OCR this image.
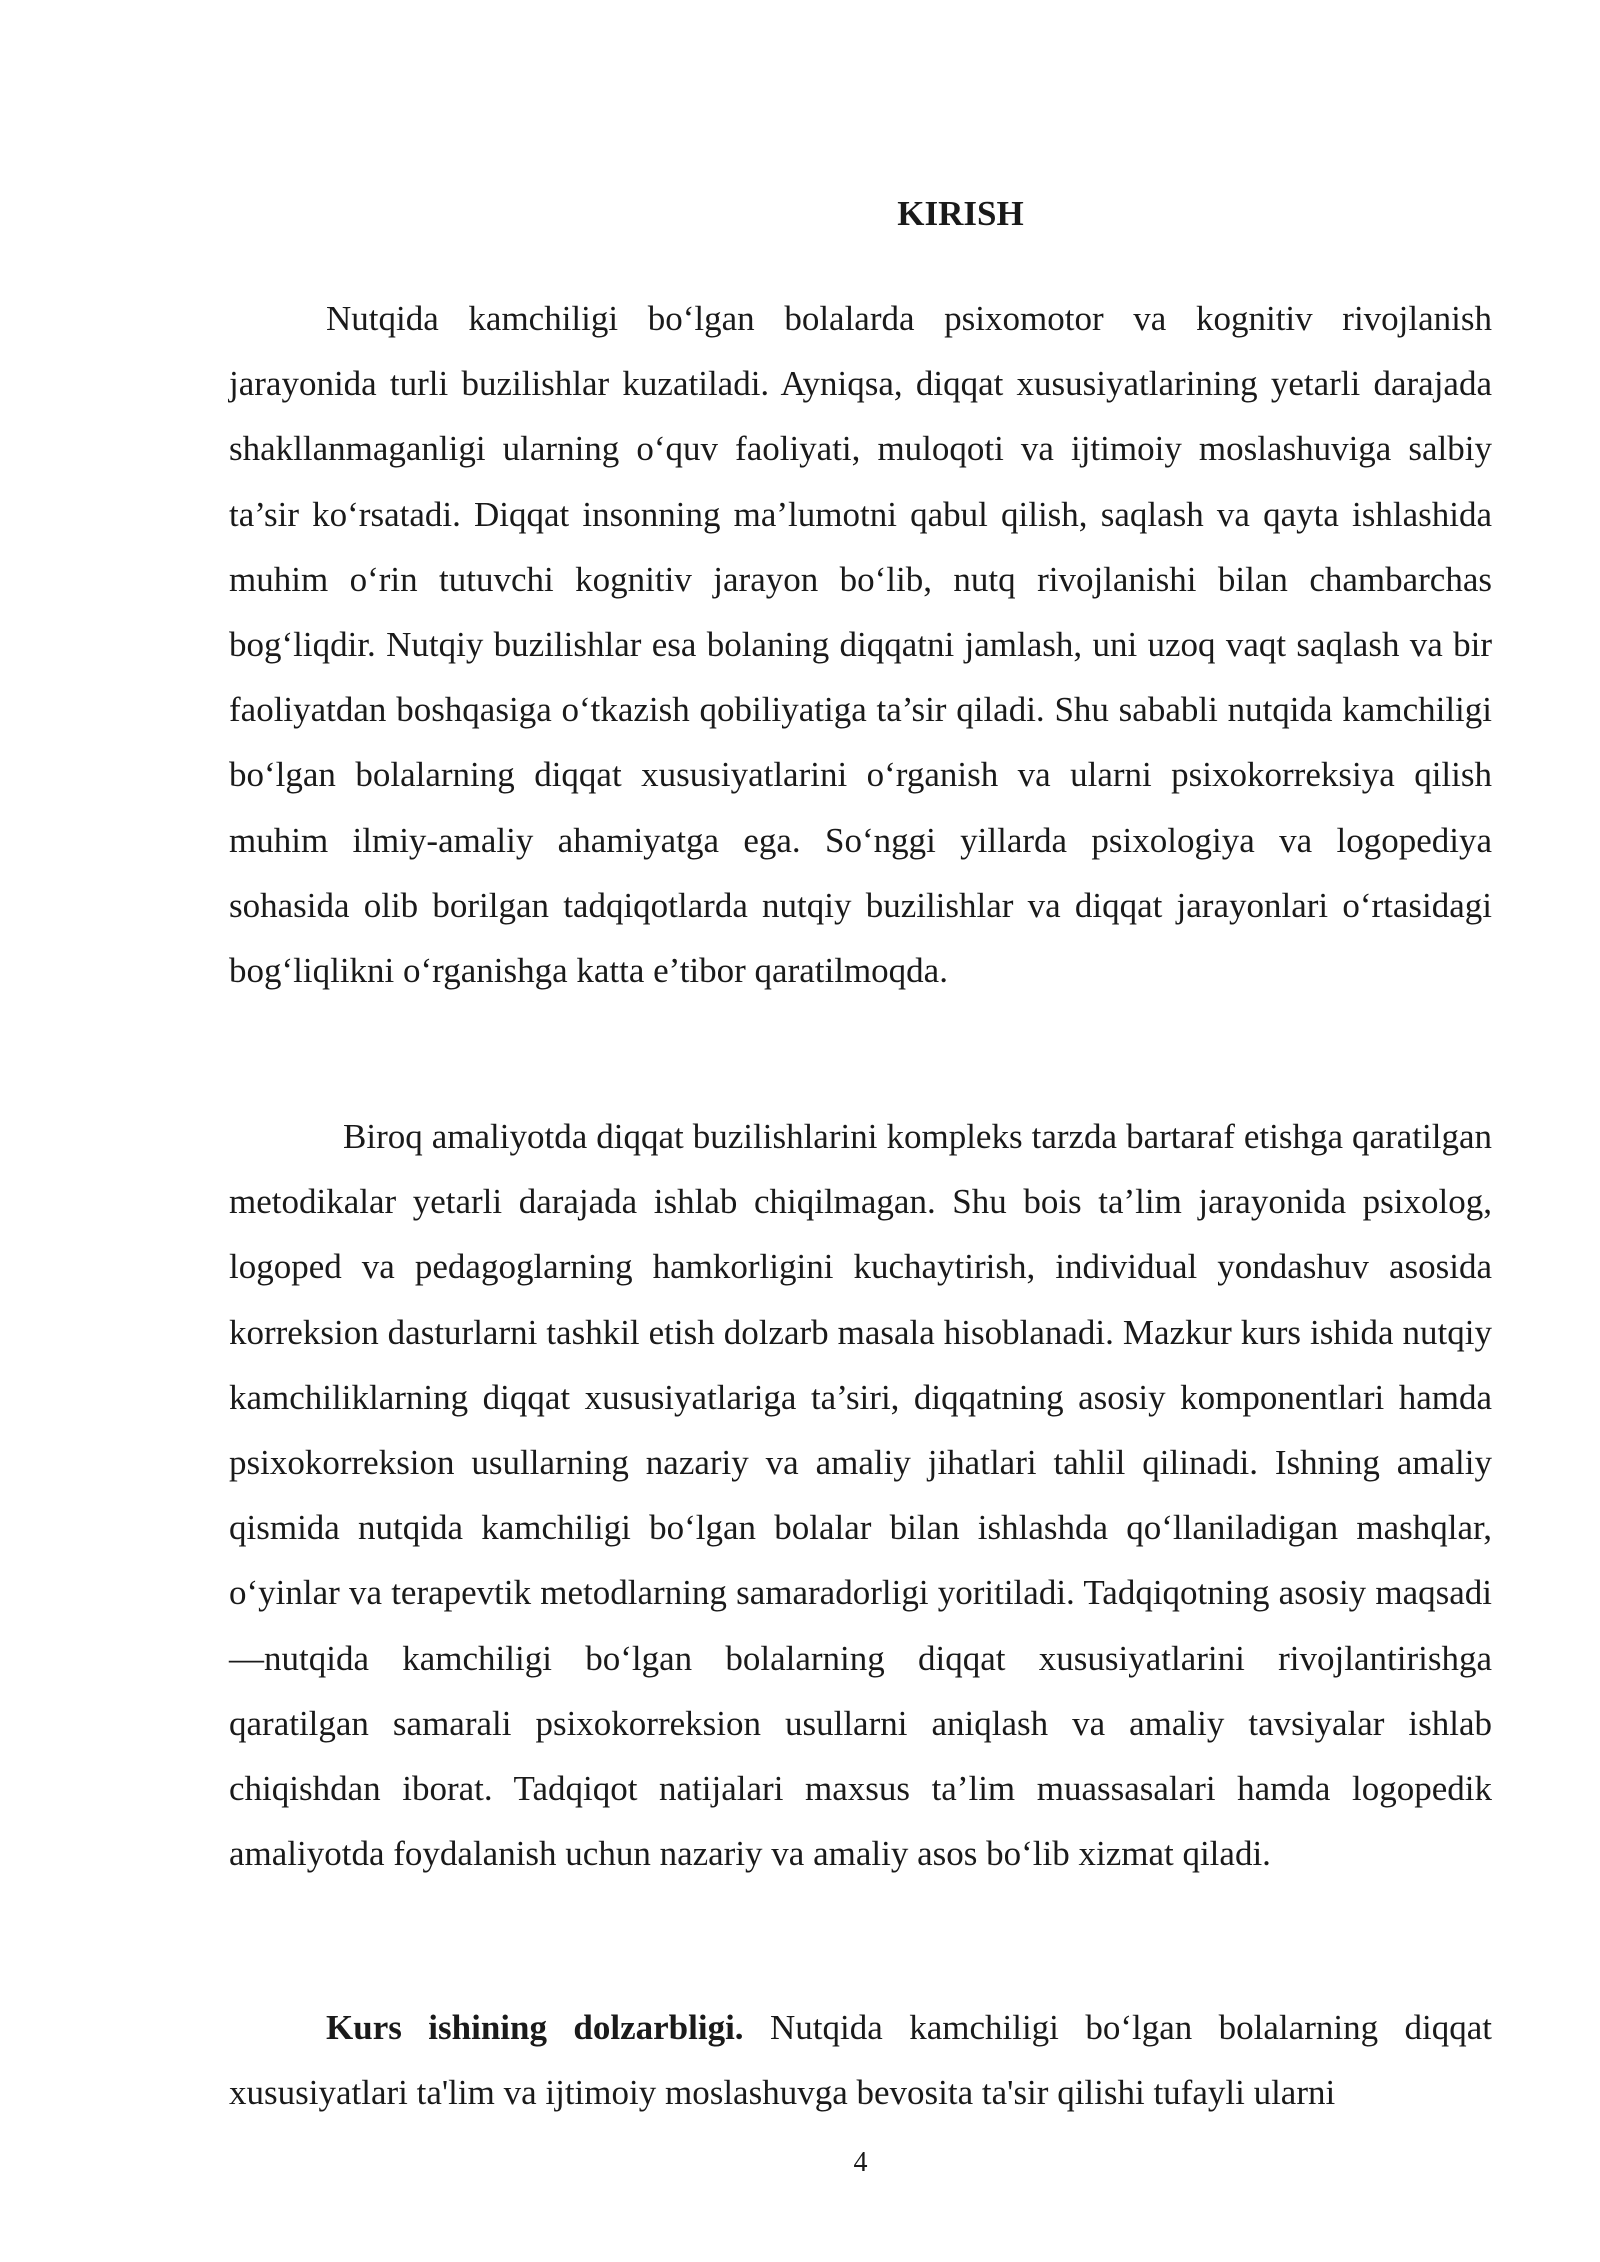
KIRISH

Nutqida kamchiligi bo‘lgan bolalarda psixomotor va kognitiv rivojlanish jarayonida turli buzilishlar kuzatiladi. Ayniqsa, diqqat xususiyatlarining yetarli darajada shakllanmaganligi ularning o‘quv faoliyati, muloqoti va ijtimoiy moslashuviga salbiy ta’sir ko‘rsatadi. Diqqat insonning ma’lumotni qabul qilish, saqlash va qayta ishlashida muhim o‘rin tutuvchi kognitiv jarayon bo‘lib, nutq rivojlanishi bilan chambarchas bog‘liqdir. Nutqiy buzilishlar esa bolaning diqqatni jamlash, uni uzoq vaqt saqlash va bir faoliyatdan boshqasiga o‘tkazish qobiliyatiga ta’sir qiladi. Shu sababli nutqida kamchiligi bo‘lgan bolalarning diqqat xususiyatlarini o‘rganish va ularni psixokorreksiya qilish muhim ilmiy-amaliy ahamiyatga ega. So‘nggi yillarda psixologiya va logopediya sohasida olib borilgan tadqiqotlarda nutqiy buzilishlar va diqqat jarayonlari o‘rtasidagi bog‘liqlikni o‘rganishga katta e’tibor qaratilmoqda.

Biroq amaliyotda diqqat buzilishlarini kompleks tarzda bartaraf etishga qaratilgan metodikalar yetarli darajada ishlab chiqilmagan. Shu bois ta’lim jarayonida psixolog, logoped va pedagoglarning hamkorligini kuchaytirish, individual yondashuv asosida korreksion dasturlarni tashkil etish dolzarb masala hisoblanadi. Mazkur kurs ishida nutqiy kamchiliklarning diqqat xususiyatlariga ta’siri, diqqatning asosiy komponentlari hamda psixokorreksion usullarning nazariy va amaliy jihatlari tahlil qilinadi. Ishning amaliy qismida nutqida kamchiligi bo‘lgan bolalar bilan ishlashda qo‘llaniladigan mashqlar, o‘yinlar va terapevtik metodlarning samaradorligi yoritiladi. Tadqiqotning asosiy maqsadi—nutqida kamchiligi bo‘lgan bolalarning diqqat xususiyatlarini rivojlantirishga qaratilgan samarali psixokorreksion usullarni aniqlash va amaliy tavsiyalar ishlab chiqishdan iborat. Tadqiqot natijalari maxsus ta’lim muassasalari hamda logopedik amaliyotda foydalanish uchun nazariy va amaliy asos bo‘lib xizmat qiladi.

Kurs ishining dolzarbligi. Nutqida kamchiligi bo‘lgan bolalarning diqqat xususiyatlari ta'lim va ijtimoiy moslashuvga bevosita ta'sir qilishi tufayli ularni

4
